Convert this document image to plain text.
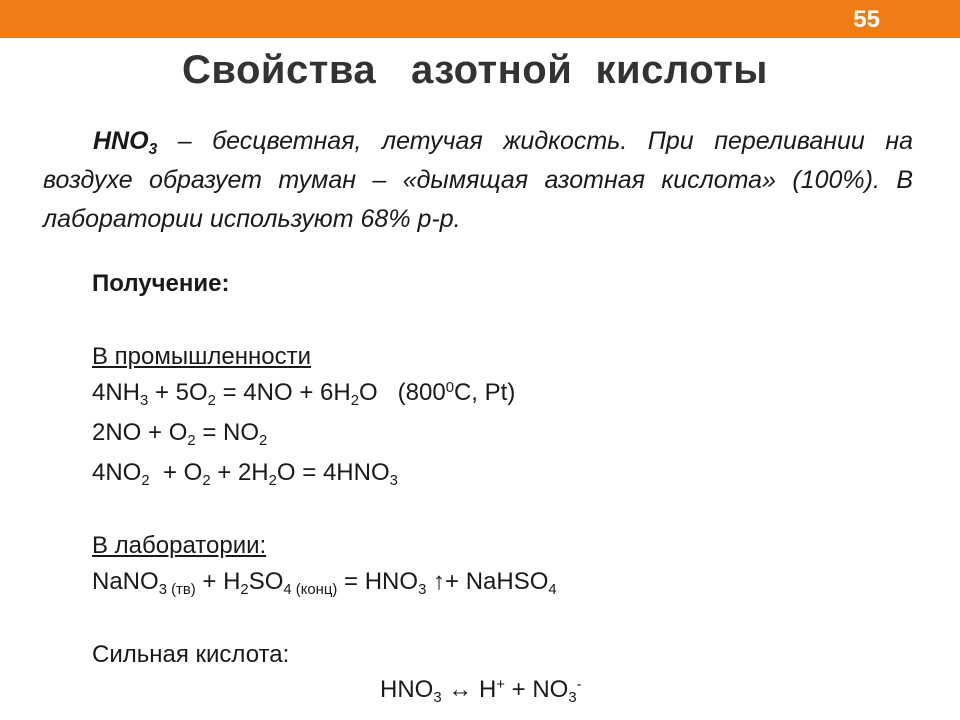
55
Свойства   азотной  кислоты
$HNO_3$ – бесцветная, летучая жидкость. При переливании на воздухе образует туман – «дымящая азотная кислота» (100%). В лаборатории используют 68% р-р.
Получение:
В промышленности
$4NH_3 + 5O_2 = 4NO + 6H_2O$   ($800^0C$, Pt)
$2NO + O_2 = NO_2$
$4NO_2 + O_2 + 2H_2O = 4HNO_3$
В лаборатории:
NaNO$_{3 (тв)}$ + $H_2SO_{4 (конц)} = HNO_3$ ↑+ NaHSO$_4$
Сильная кислота:
$HNO_3$ ↔ $H^+ + NO_3^-$
